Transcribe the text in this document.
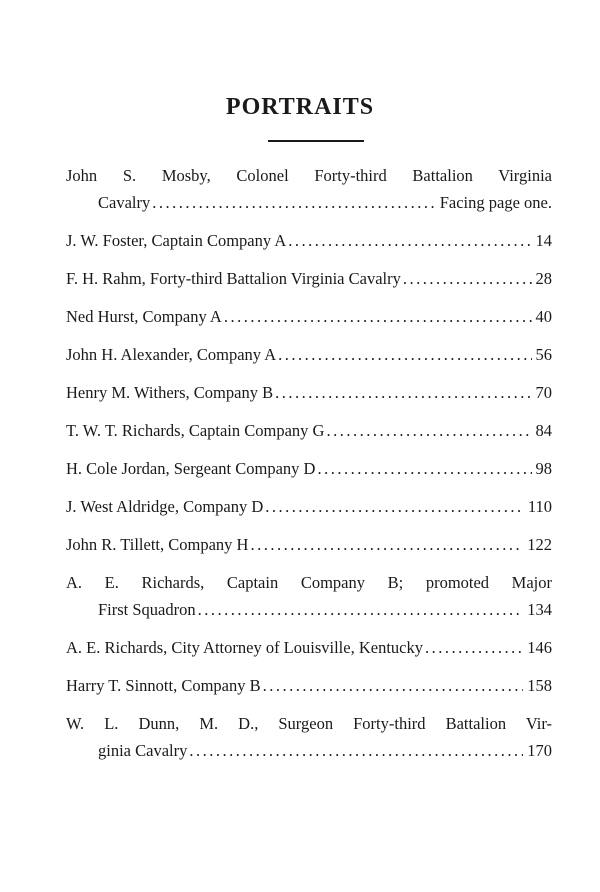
PORTRAITS
John S. Mosby, Colonel Forty-third Battalion Virginia
Cavalry .....	Facing page one.
J. W. Foster, Captain Company A .....	14
F. H. Rahm, Forty-third Battalion Virginia Cavalry .....	28
Ned Hurst, Company A .....	40
John H. Alexander, Company A .....	56
Henry M. Withers, Company B .....	70
T. W. T. Richards, Captain Company G .....	84
H. Cole Jordan, Sergeant Company D .....	98
J. West Aldridge, Company D .....	110
John R. Tillett, Company H .....	122
A. E. Richards, Captain Company B; promoted Major
First Squadron .....	134
A. E. Richards, City Attorney of Louisville, Kentucky .....	146
Harry T. Sinnott, Company B .....	158
W. L. Dunn, M. D., Surgeon Forty-third Battalion Vir-
ginia Cavalry .....	170
